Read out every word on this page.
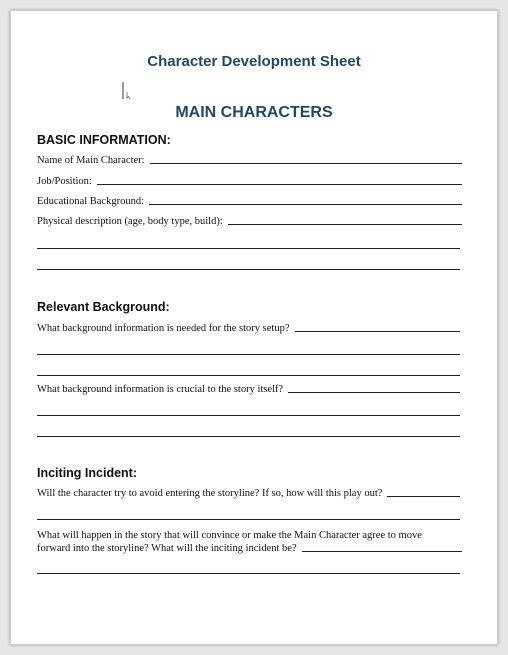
Character Development Sheet
MAIN CHARACTERS
BASIC INFORMATION:
Name of Main Character:
Job/Position:
Educational Background:
Physical description (age, body type, build):
Relevant Background:
What background information is needed for the story setup?
What background information is crucial to the story itself?
Inciting Incident:
Will the character try to avoid entering the storyline? If so, how will this play out?
What will happen in the story that will convince or make the Main Character agree to move
forward into the storyline? What will the inciting incident be?
